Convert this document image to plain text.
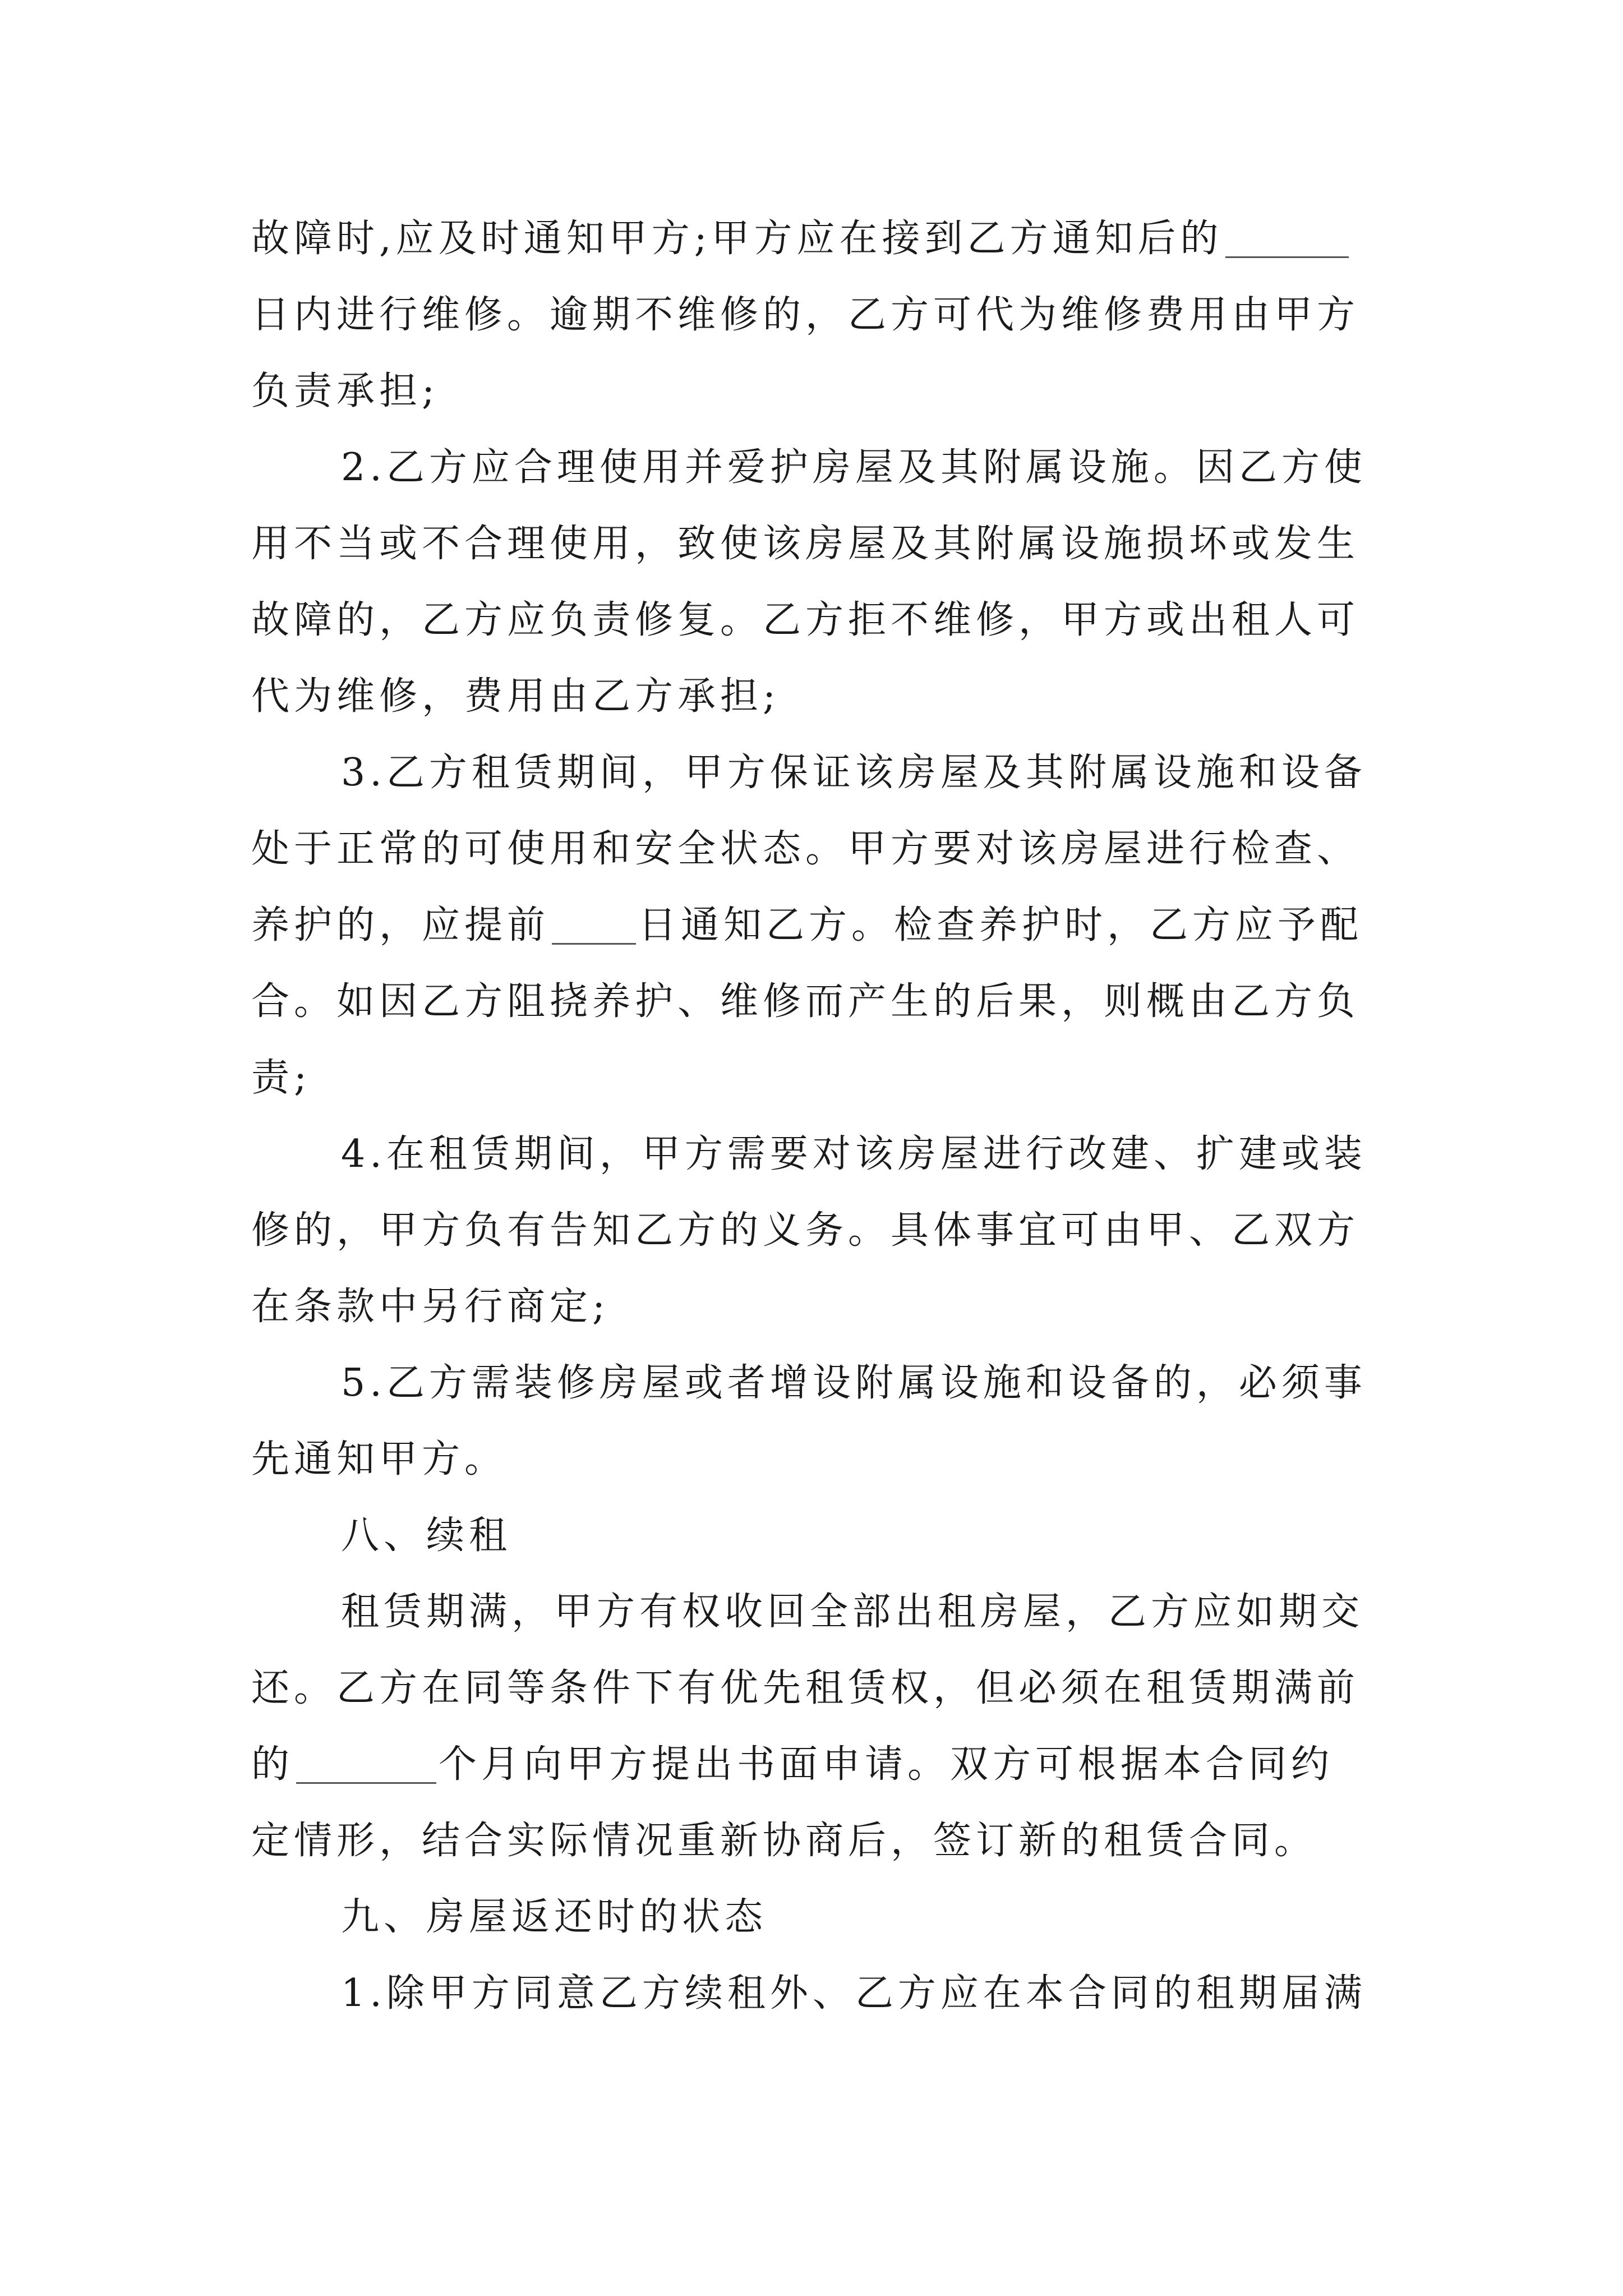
故障时,应及时通知甲方;甲方应在接到乙方通知后的
日内进行维修。逾期不维修的，乙方可代为维修费用由甲方
负责承担;
2.乙方应合理使用并爱护房屋及其附属设施。因乙方使
用不当或不合理使用，致使该房屋及其附属设施损坏或发生
故障的，乙方应负责修复。乙方拒不维修，甲方或出租人可
代为维修，费用由乙方承担;
3.乙方租赁期间，甲方保证该房屋及其附属设施和设备
处于正常的可使用和安全状态。甲方要对该房屋进行检查、
养护的，应提前 日通知乙方。检查养护时，乙方应予配
合。如因乙方阻挠养护、维修而产生的后果，则概由乙方负
责;
4.在租赁期间，甲方需要对该房屋进行改建、扩建或装
修的，甲方负有告知乙方的义务。具体事宜可由甲、乙双方
在条款中另行商定;
5.乙方需装修房屋或者增设附属设施和设备的，必须事
先通知甲方。
八、续租
租赁期满，甲方有权收回全部出租房屋，乙方应如期交
还。乙方在同等条件下有优先租赁权，但必须在租赁期满前
的	个月向甲方提出书面申请。双方可根据本合同约
定情形，结合实际情况重新协商后，签订新的租赁合同。
九、房屋返还时的状态
1.除甲方同意乙方续租外、乙方应在本合同的租期届满
